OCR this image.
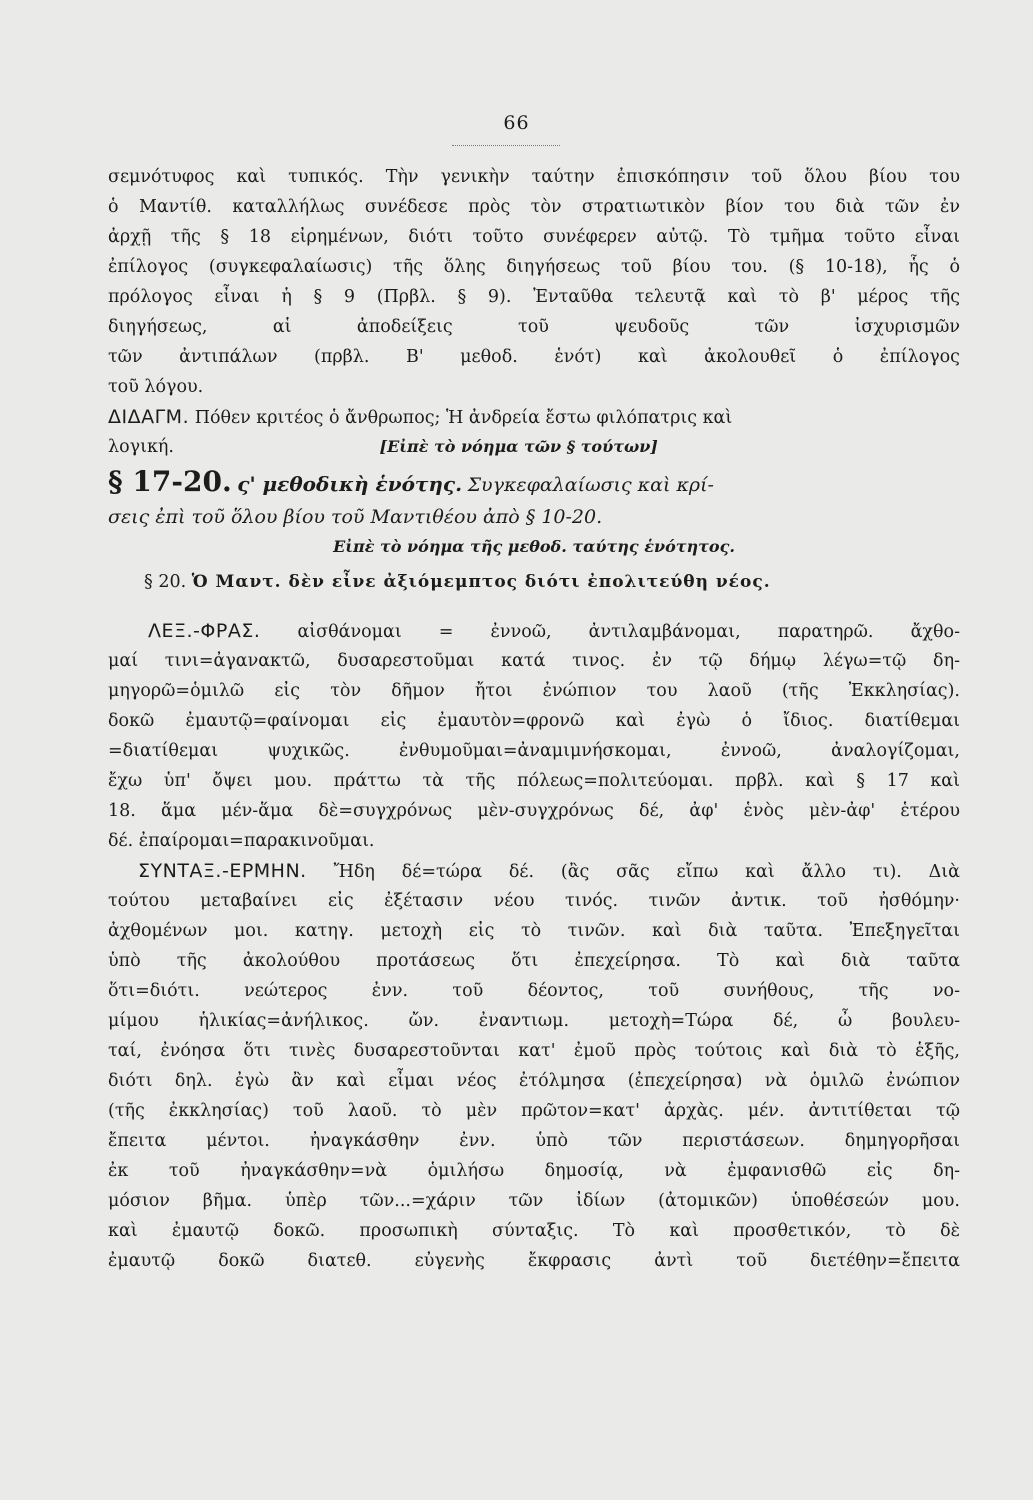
66
σεμνότυφος καὶ τυπικός. Τὴν γενικὴν ταύτην ἐπισκόπησιν τοῦ ὅλου βίου του
ὁ Μαντίθ. καταλλήλως συνέδεσε πρὸς τὸν στρατιωτικὸν βίον του διὰ τῶν ἐν
ἀρχῇ τῆς § 18 εἰρημένων, διότι τοῦτο συνέφερεν αὐτῷ. Τὸ τμῆμα τοῦτο εἶναι
ἐπίλογος (συγκεφαλαίωσις) τῆς ὅλης διηγήσεως τοῦ βίου του. (§ 10-18), ἧς ὁ
πρόλογος εἶναι ἡ § 9 (Πρβλ. § 9). Ἐνταῦθα τελευτᾷ καὶ τὸ β' μέρος τῆς
διηγήσεως, αἱ ἀποδείξεις τοῦ ψευδοῦς τῶν ἰσχυρισμῶν
τῶν ἀντιπάλων (πρβλ. Β' μεθοδ. ἑνότ) καὶ ἀκολουθεῖ ὁ ἐπίλογος
τοῦ λόγου.
ΔΙΔΑΓΜ. Πόθεν κριτέος ὁ ἄνθρωπος; Ἡ ἀνδρεία ἔστω φιλόπατρις καὶ
λογική.	[Εἰπὲ τὸ νόημα τῶν § τούτων]
§ 17-20. ς' μεθοδικὴ ἑνότης. Συγκεφαλαίωσις καὶ κρί-
σεις ἐπὶ τοῦ ὅλου βίου τοῦ Μαντιθέου ἀπὸ § 10-20.
Εἰπὲ τὸ νόημα τῆς μεθοδ. ταύτης ἑνότητος.
§ 20. Ὁ Μαντ. δὲν εἶνε ἀξιόμεμπτος διότι ἐπολιτεύθη νέος.
ΛΕΞ.-ΦΡΑΣ. αἰσθάνομαι = ἐννοῶ, ἀντιλαμβάνομαι, παρατηρῶ. ἄχθο-
μαί τινι=ἀγανακτῶ, δυσαρεστοῦμαι κατά τινος. ἐν τῷ δήμῳ λέγω=τῷ δη-
μηγορῶ=ὁμιλῶ εἰς τὸν δῆμον ἤτοι ἐνώπιον του λαοῦ (τῆς Ἐκκλησίας).
δοκῶ ἐμαυτῷ=φαίνομαι εἰς ἐμαυτὸν=φρονῶ καὶ ἐγὼ ὁ ἴδιος. διατίθεμαι
=διατίθεμαι ψυχικῶς. ἐνθυμοῦμαι=ἀναμιμνήσκομαι, ἐννοῶ, ἀναλογίζομαι,
ἔχω ὑπ' ὄψει μου. πράττω τὰ τῆς πόλεως=πολιτεύομαι. πρβλ. καὶ § 17 καὶ
18. ἅμα μέν-ἅμα δὲ=συγχρόνως μὲν-συγχρόνως δέ, ἀφ' ἑνὸς μὲν-ἀφ' ἑτέρου
δέ. ἐπαίρομαι=παρακινοῦμαι.
ΣΥΝΤΑΞ.-ΕΡΜΗΝ. Ἤδη δέ=τώρα δέ. (ἂς σᾶς εἴπω καὶ ἄλλο τι). Διὰ
τούτου μεταβαίνει εἰς ἐξέτασιν νέου τινός. τινῶν ἀντικ. τοῦ ἠσθόμην·
ἀχθομένων μοι. κατηγ. μετοχὴ εἰς τὸ τινῶν. καὶ διὰ ταῦτα. Ἐπεξηγεῖται
ὑπὸ τῆς ἀκολούθου προτάσεως ὅτι ἐπεχείρησα. Τὸ καὶ διὰ ταῦτα
ὅτι=διότι. νεώτερος ἐνν. τοῦ δέοντος, τοῦ συνήθους, τῆς νο-
μίμου ἡλικίας=ἀνήλικος. ὤν. ἐναντιωμ. μετοχὴ=Τώρα δέ, ὦ βουλευ-
ταί, ἐνόησα ὅτι τινὲς δυσαρεστοῦνται κατ' ἐμοῦ πρὸς τούτοις καὶ διὰ τὸ ἑξῆς,
διότι δηλ. ἐγὼ ἂν καὶ εἶμαι νέος ἐτόλμησα (ἐπεχείρησα) νὰ ὁμιλῶ ἐνώπιον
(τῆς ἐκκλησίας) τοῦ λαοῦ. τὸ μὲν πρῶτον=κατ' ἀρχὰς. μέν. ἀντιτίθεται τῷ
ἔπειτα μέντοι. ἠναγκάσθην ἐνν. ὑπὸ τῶν περιστάσεων. δημηγορῆσαι
ἐκ τοῦ ἠναγκάσθην=νὰ ὁμιλήσω δημοσίᾳ, νὰ ἐμφανισθῶ εἰς δη-
μόσιον βῆμα. ὑπὲρ τῶν...=χάριν τῶν ἰδίων (ἀτομικῶν) ὑποθέσεών μου.
καὶ ἐμαυτῷ δοκῶ. προσωπικὴ σύνταξις. Τὸ καὶ προσθετικόν, τὸ δὲ
ἐμαυτῷ δοκῶ διατεθ. εὐγενὴς ἔκφρασις ἀντὶ τοῦ διετέθην=ἔπειτα
